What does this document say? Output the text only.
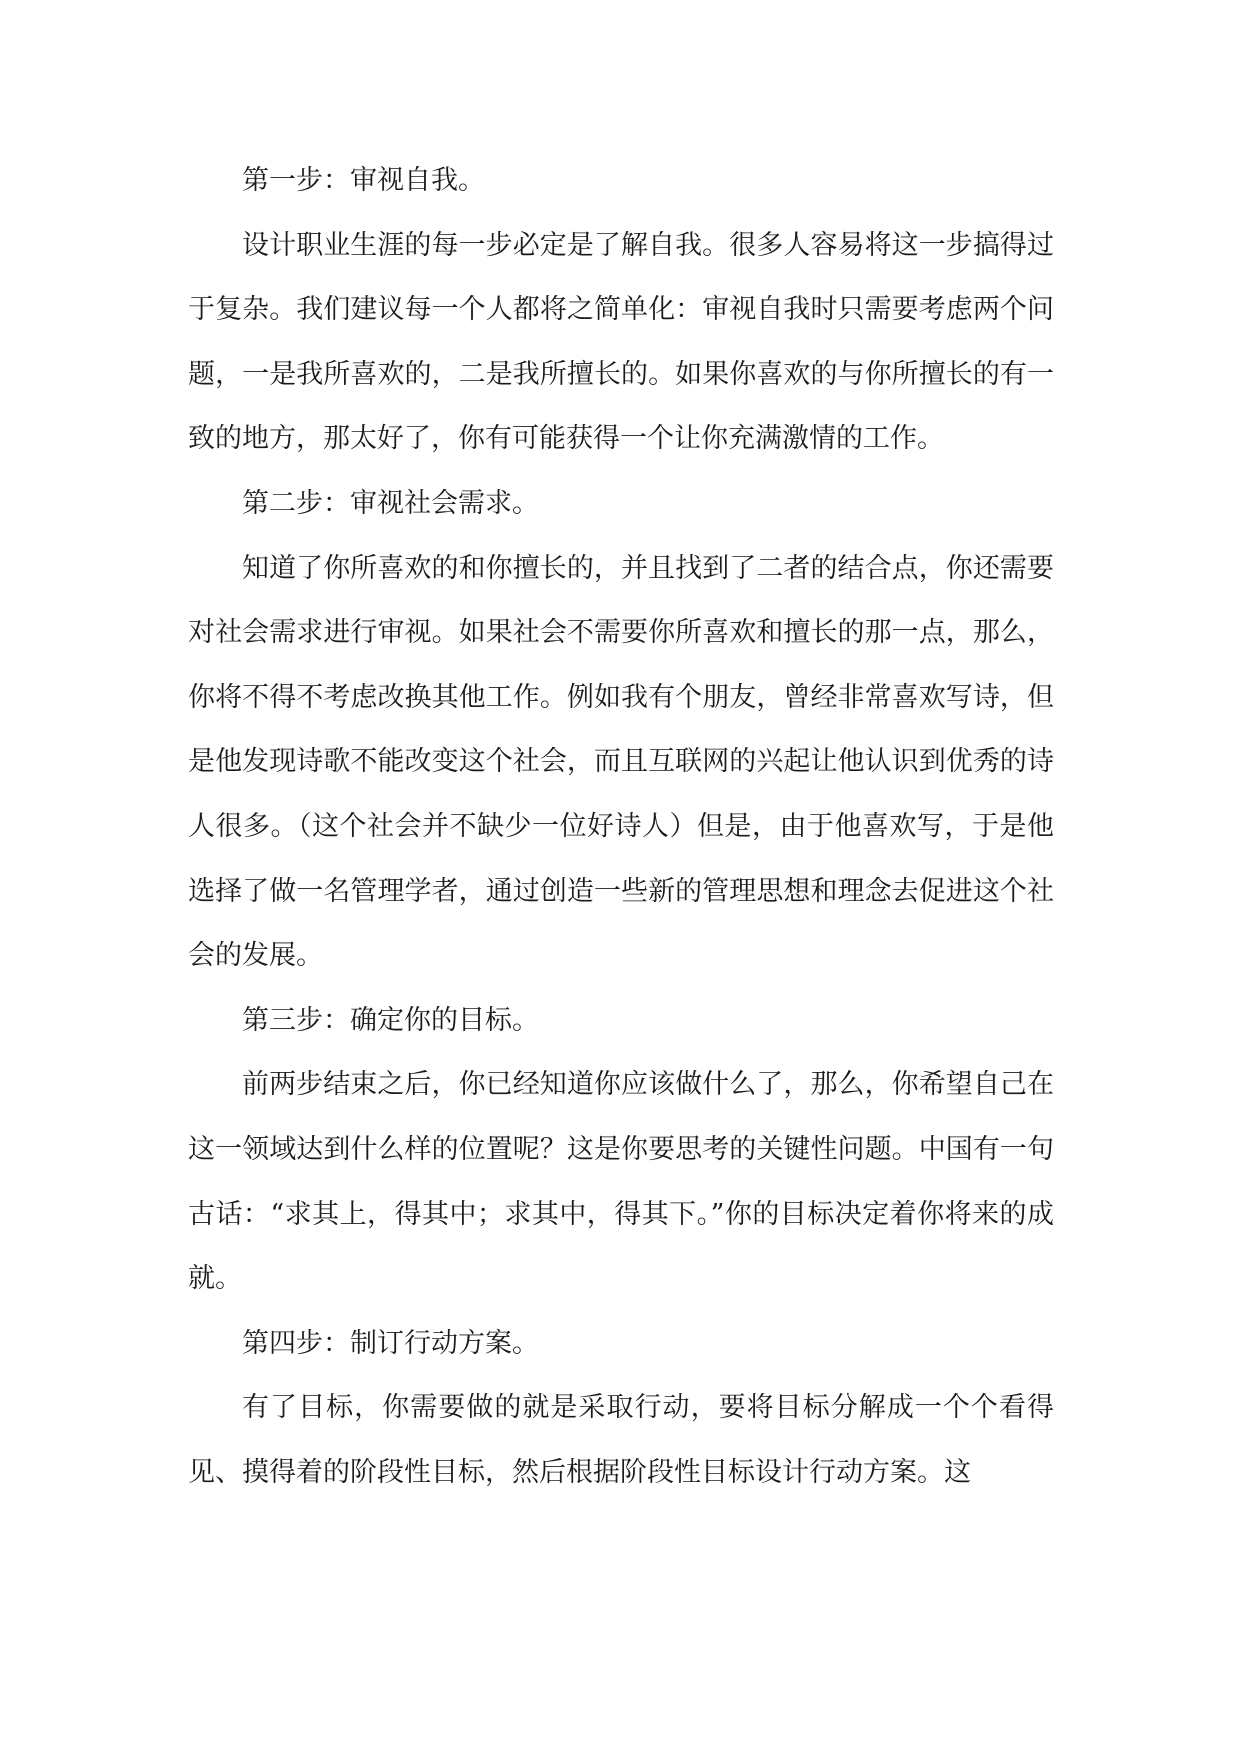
第一步：审视自我。

设计职业生涯的每一步必定是了解自我。很多人容易将这一步搞得过于复杂。我们建议每一个人都将之简单化：审视自我时只需要考虑两个问题，一是我所喜欢的，二是我所擅长的。如果你喜欢的与你所擅长的有一致的地方，那太好了，你有可能获得一个让你充满激情的工作。

第二步：审视社会需求。

知道了你所喜欢的和你擅长的，并且找到了二者的结合点，你还需要对社会需求进行审视。如果社会不需要你所喜欢和擅长的那一点，那么，你将不得不考虑改换其他工作。例如我有个朋友，曾经非常喜欢写诗，但是他发现诗歌不能改变这个社会，而且互联网的兴起让他认识到优秀的诗人很多。（这个社会并不缺少一位好诗人）但是，由于他喜欢写，于是他选择了做一名管理学者，通过创造一些新的管理思想和理念去促进这个社会的发展。

第三步：确定你的目标。

前两步结束之后，你已经知道你应该做什么了，那么，你希望自己在这一领域达到什么样的位置呢？这是你要思考的关键性问题。中国有一句古话：“求其上，得其中；求其中，得其下。”你的目标决定着你将来的成就。

第四步：制订行动方案。

有了目标，你需要做的就是采取行动，要将目标分解成一个个看得见、摸得着的阶段性目标，然后根据阶段性目标设计行动方案。这
